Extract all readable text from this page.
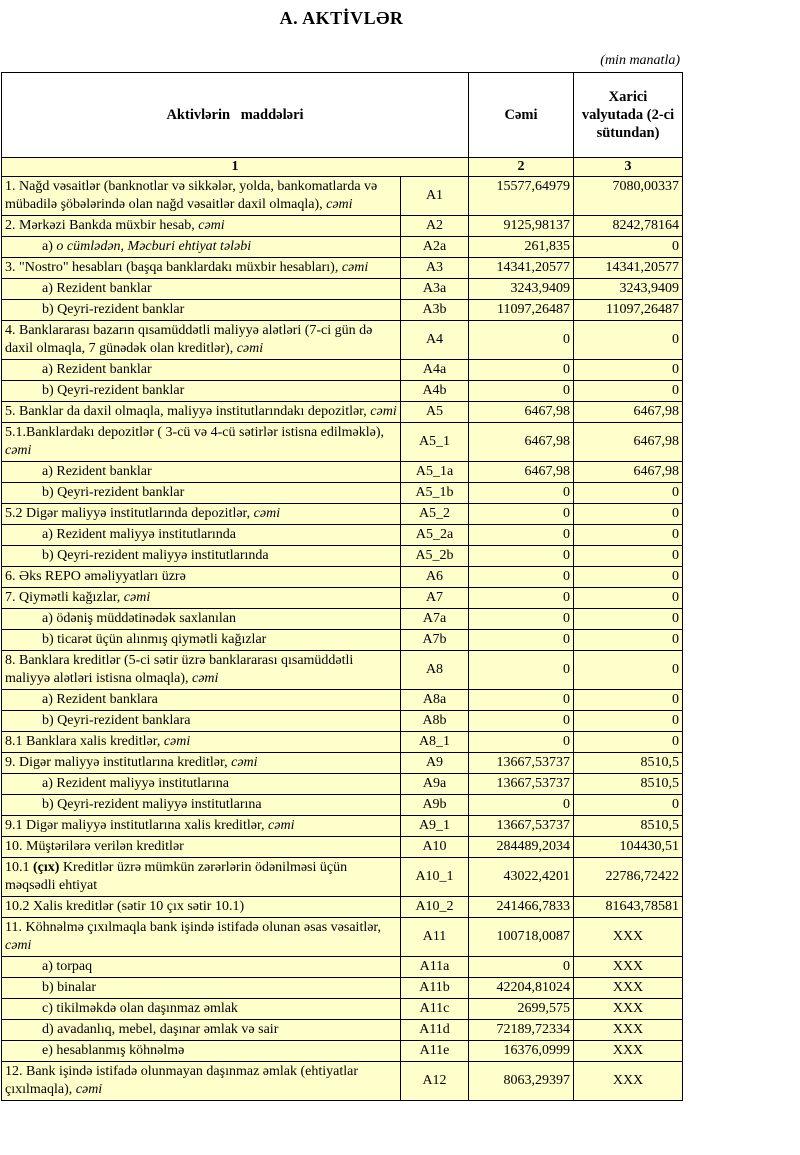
A. AKTİVLƏR
(min manatla)
Aktivlərin maddələri		Cəmi	Xarici valyutada (2-ci sütundan)
1		2	3
1. Nağd vəsaitlər (banknotlar və sikkələr, yolda, bankomatlarda və mübadilə şöbələrində olan nağd vəsaitlər daxil olmaqla), cəmi	A1	15577,64979	7080,00337
2. Mərkəzi Bankda müxbir hesab, cəmi	A2	9125,98137	8242,78164
a) o cümlədən, Məcburi ehtiyat tələbi	A2a	261,835	0
3. "Nostro" hesabları (başqa banklardakı müxbir hesabları), cəmi	A3	14341,20577	14341,20577
a) Rezident banklar	A3a	3243,9409	3243,9409
b) Qeyri-rezident banklar	A3b	11097,26487	11097,26487
4. Banklararası bazarın qısamüddətli maliyyə alətləri (7-ci gün də daxil olmaqla, 7 günədək olan kreditlər), cəmi	A4	0	0
a) Rezident banklar	A4a	0	0
b) Qeyri-rezident banklar	A4b	0	0
5. Banklar da daxil olmaqla, maliyyə institutlarındakı depozitlər, cəmi	A5	6467,98	6467,98
5.1.Banklardakı depozitlər ( 3-cü və 4-cü sətirlər istisna edilməklə), cəmi	A5_1	6467,98	6467,98
a) Rezident banklar	A5_1a	6467,98	6467,98
b) Qeyri-rezident banklar	A5_1b	0	0
5.2 Digər maliyyə institutlarında depozitlər, cəmi	A5_2	0	0
a) Rezident maliyyə institutlarında	A5_2a	0	0
b) Qeyri-rezident maliyyə institutlarında	A5_2b	0	0
6. Əks REPO əməliyyatları üzrə	A6	0	0
7. Qiymətli kağızlar, cəmi	A7	0	0
a) ödəniş müddətinədək saxlanılan	A7a	0	0
b) ticarət üçün alınmış qiymətli kağızlar	A7b	0	0
8. Banklara kreditlər (5-ci sətir üzrə banklararası qısamüddətli maliyyə alətləri istisna olmaqla), cəmi	A8	0	0
a) Rezident banklara	A8a	0	0
b) Qeyri-rezident banklara	A8b	0	0
8.1 Banklara xalis kreditlər, cəmi	A8_1	0	0
9. Digər maliyyə institutlarına kreditlər, cəmi	A9	13667,53737	8510,5
a) Rezident maliyyə institutlarına	A9a	13667,53737	8510,5
b) Qeyri-rezident maliyyə institutlarına	A9b	0	0
9.1 Digər maliyyə institutlarına xalis kreditlər, cəmi	A9_1	13667,53737	8510,5
10. Müştərilərə verilən kreditlər	A10	284489,2034	104430,51
10.1 (çıx) Kreditlər üzrə mümkün zərərlərin ödənilməsi üçün məqsədli ehtiyat	A10_1	43022,4201	22786,72422
10.2 Xalis kreditlər (sətir 10 çıx sətir 10.1)	A10_2	241466,7833	81643,78581
11. Köhnəlmə çıxılmaqla bank işində istifadə olunan əsas vəsaitlər, cəmi	A11	100718,0087	XXX
a) torpaq	A11a	0	XXX
b) binalar	A11b	42204,81024	XXX
c) tikilməkdə olan daşınmaz əmlak	A11c	2699,575	XXX
d) avadanlıq, mebel, daşınar əmlak və sair	A11d	72189,72334	XXX
e) hesablanmış köhnəlmə	A11e	16376,0999	XXX
12. Bank işində istifadə olunmayan daşınmaz əmlak (ehtiyatlar çıxılmaqla), cəmi	A12	8063,29397	XXX
